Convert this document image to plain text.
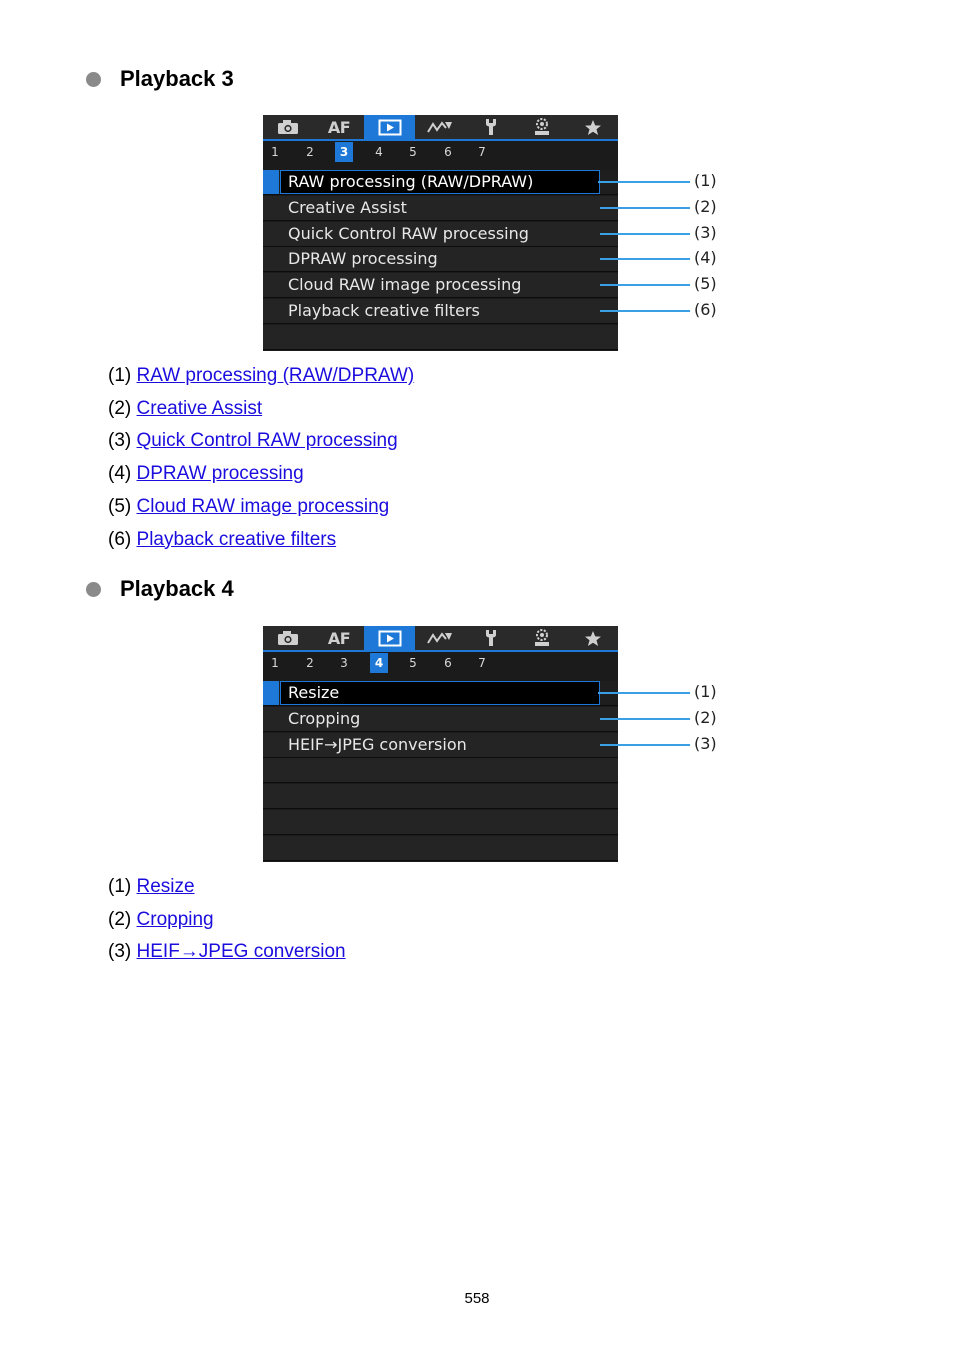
Playback 3
AF
1	2	3	4	5	6	7
RAW processing (RAW/DPRAW)
Creative Assist
Quick Control RAW processing
DPRAW processing
Cloud RAW image processing
Playback creative filters
(1)
(2)
(3)
(4)
(5)
(6)
(1) RAW processing (RAW/DPRAW)
(2) Creative Assist
(3) Quick Control RAW processing
(4) DPRAW processing
(5) Cloud RAW image processing
(6) Playback creative filters
Playback 4
AF
1	2	3	4	5	6	7
Resize
Cropping
HEIF→JPEG conversion
(1)
(2)
(3)
(1) Resize
(2) Cropping
(3) HEIF→JPEG conversion
558
